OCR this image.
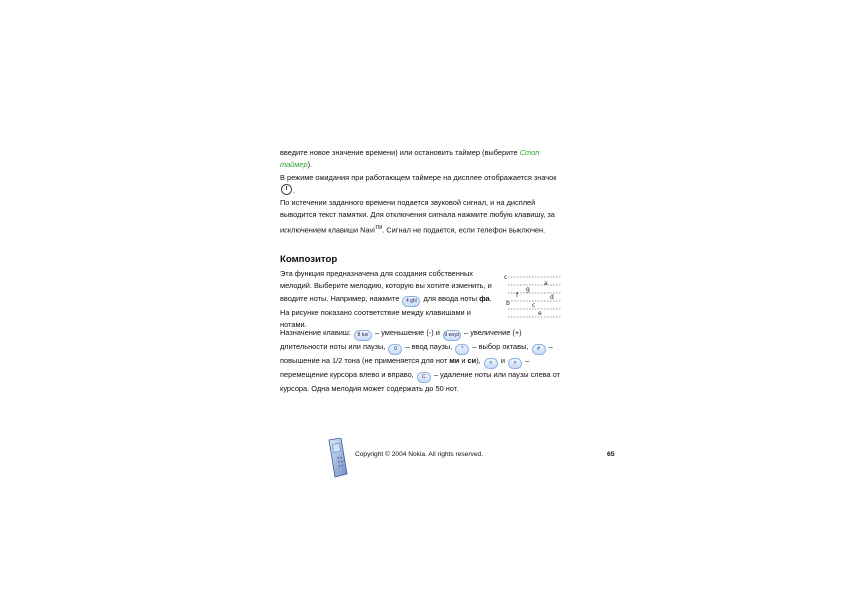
введите новое значение времени) или остановить таймер (выберите Стоп таймер).

В режиме ожидания при работающем таймере на дисплее отображается значок .

По истечении заданного времени подается звуковой сигнал, и на дисплей выводится текст памятки. Для отключения сигнала нажмите любую клавишу, за исключением клавиши Navi™. Сигнал не подается, если телефон выключен.

Композитор

Эта функция предназначена для создания собственных мелодий. Выберите мелодию, которую вы хотите изменить, и вводите ноты. Например, нажмите 4 ghi для ввода ноты фа. На рисунке показано соответствие между клавишами и нотами.

c
g
a
f
b	c
d
e

Назначение клавиш: 8 tuv – уменьшение (-) и 9 wxyz – увеличение (+) длительности ноты или паузы, 0 – ввод паузы, * – выбор октавы, # – повышение на 1/2 тона (не применяется для нот ми и си), < и > – перемещение курсора влево и вправо, C – удаление ноты или паузы слева от курсора. Одна мелодия может содержать до 50 нот.

Copyright © 2004 Nokia. All rights reserved.	65
